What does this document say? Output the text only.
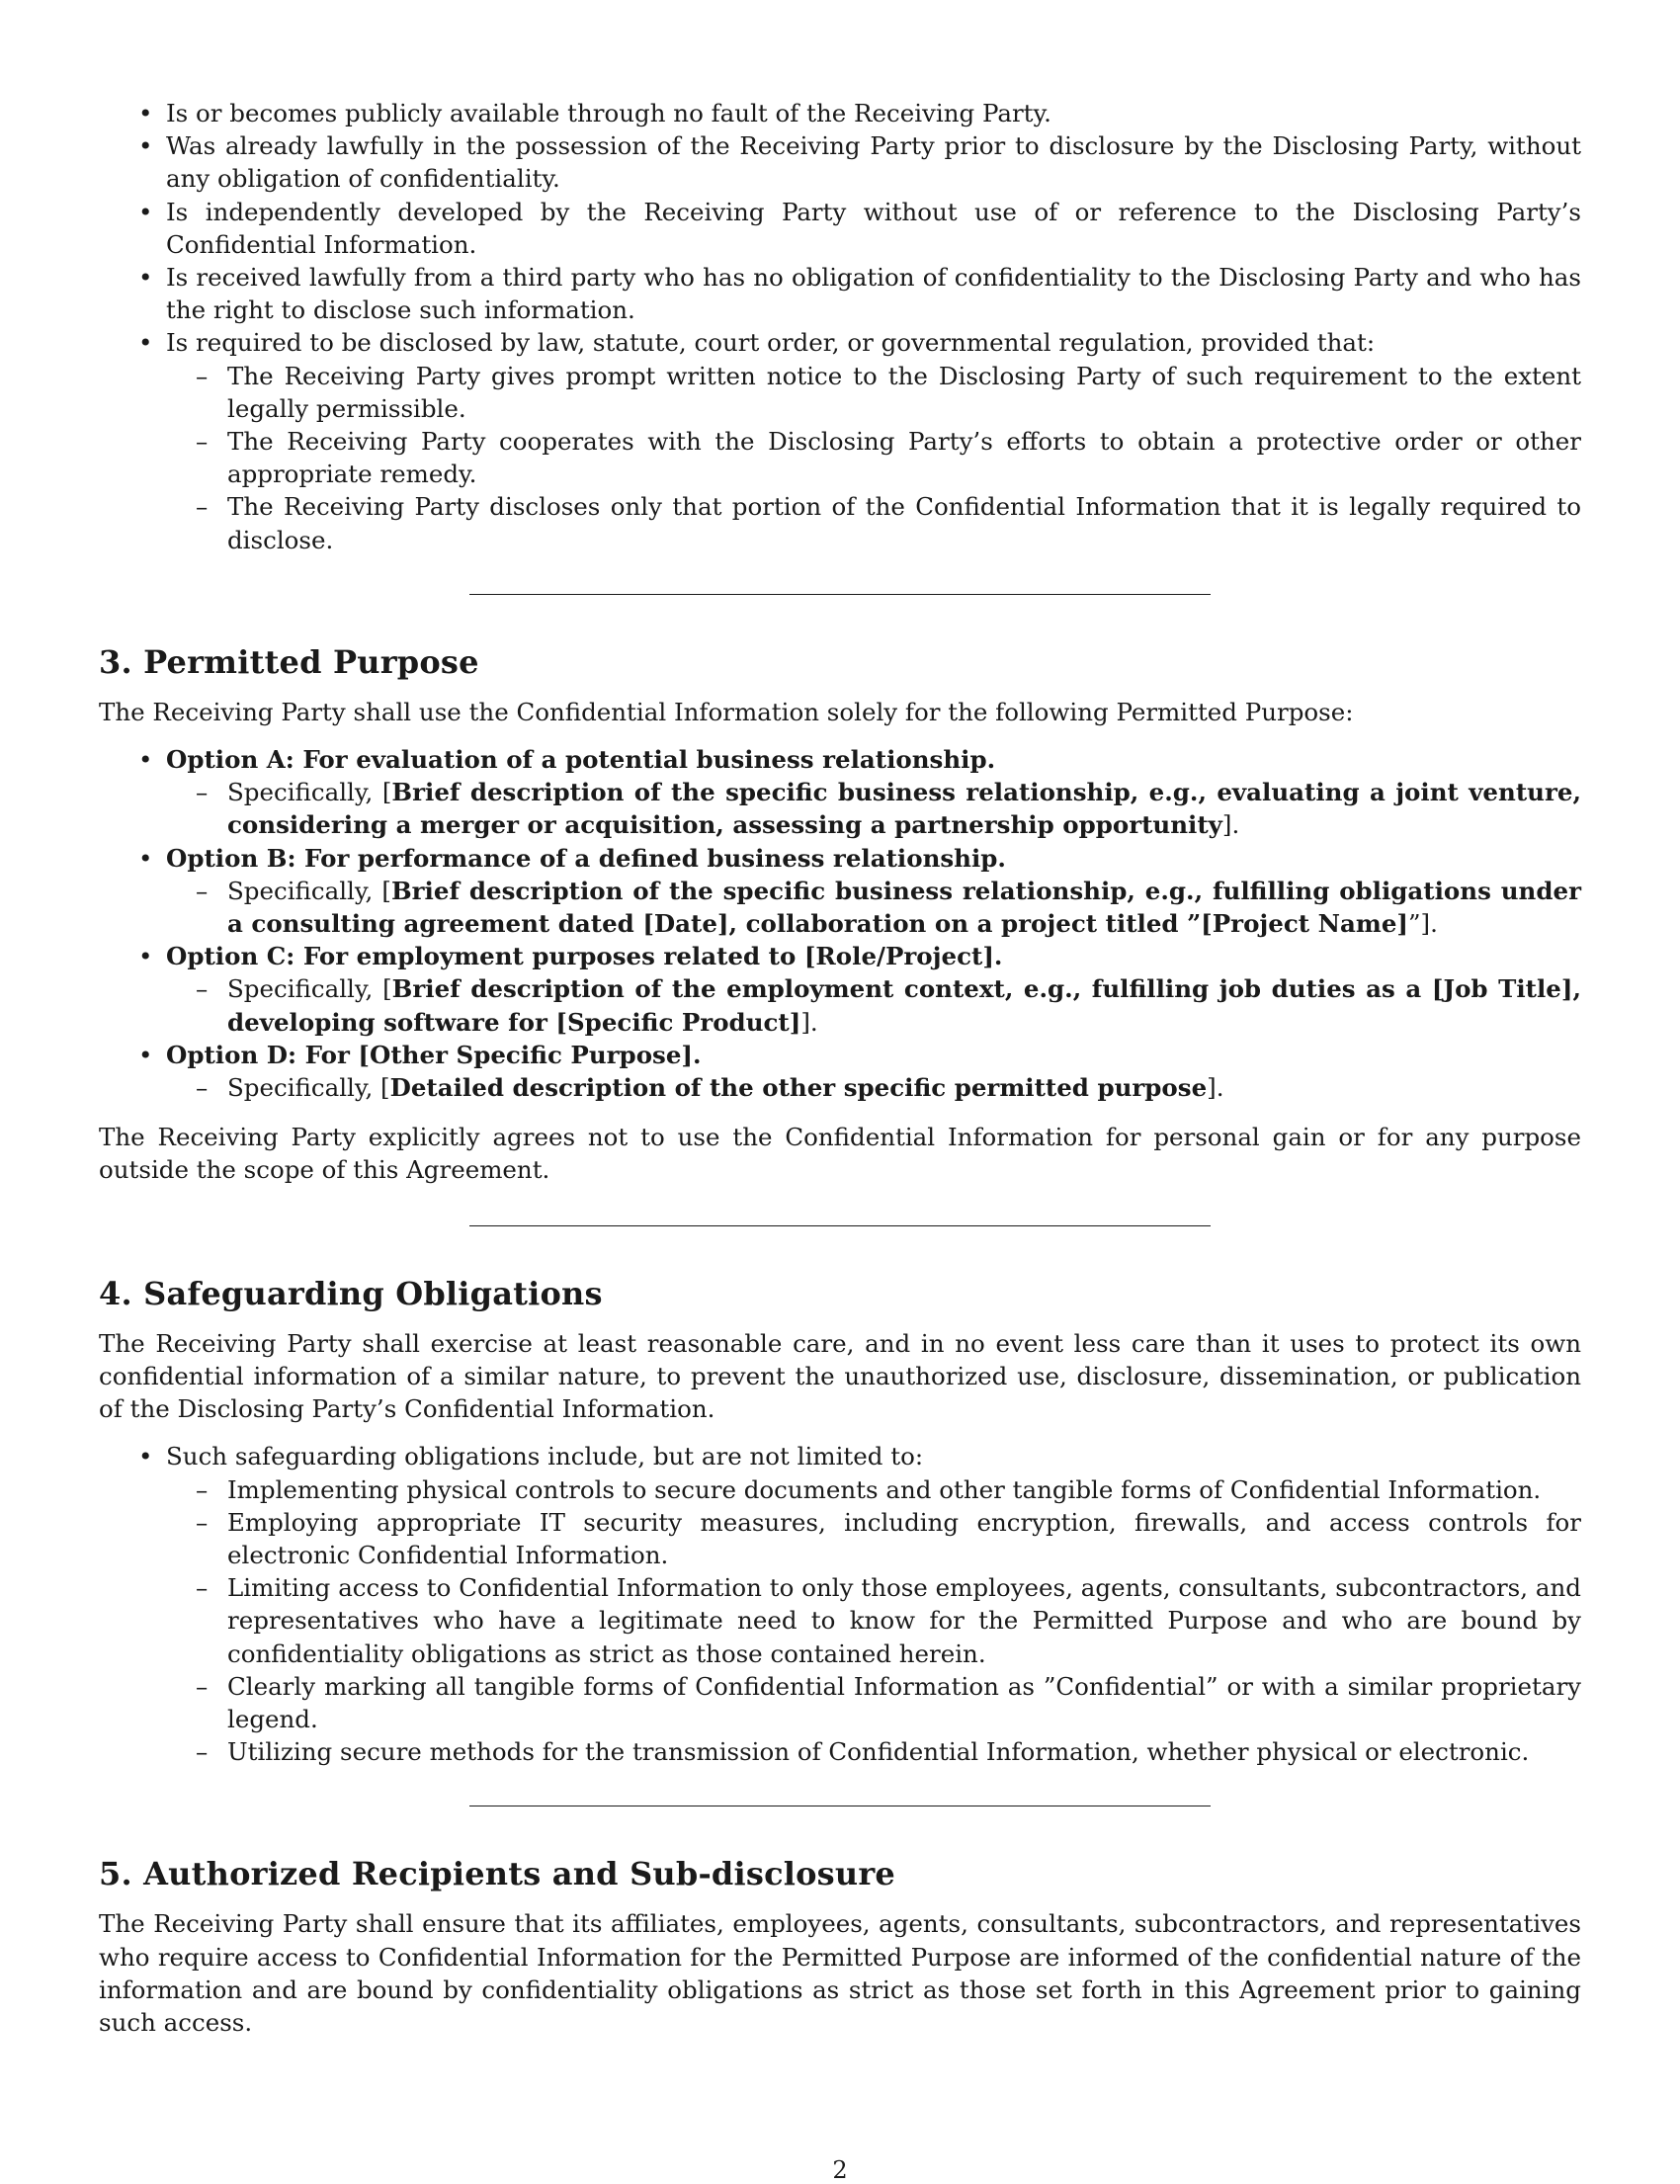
• Is or becomes publicly available through no fault of the Receiving Party.
• Was already lawfully in the possession of the Receiving Party prior to disclosure by the Disclosing Party, without any obligation of confidentiality.
• Is independently developed by the Receiving Party without use of or reference to the Disclosing Party’s Confidential Information.
• Is received lawfully from a third party who has no obligation of confidentiality to the Disclosing Party and who has the right to disclose such information.
• Is required to be disclosed by law, statute, court order, or governmental regulation, provided that:
– The Receiving Party gives prompt written notice to the Disclosing Party of such requirement to the extent legally permissible.
– The Receiving Party cooperates with the Disclosing Party’s efforts to obtain a protective order or other appropriate remedy.
– The Receiving Party discloses only that portion of the Confidential Information that it is legally required to disclose.
3. Permitted Purpose

The Receiving Party shall use the Confidential Information solely for the following Permitted Purpose:

• Option A: For evaluation of a potential business relationship.
– Specifically, [Brief description of the specific business relationship, e.g., evaluating a joint venture, considering a merger or acquisition, assessing a partnership opportunity].
• Option B: For performance of a defined business relationship.
– Specifically, [Brief description of the specific business relationship, e.g., fulfilling obligations under a consulting agreement dated [Date], collaboration on a project titled ”[Project Name]”].
• Option C: For employment purposes related to [Role/Project].
– Specifically, [Brief description of the employment context, e.g., fulfilling job duties as a [Job Title], developing software for [Specific Product]].
• Option D: For [Other Specific Purpose].
– Specifically, [Detailed description of the other specific permitted purpose].

The Receiving Party explicitly agrees not to use the Confidential Information for personal gain or for any purpose outside the scope of this Agreement.

4. Safeguarding Obligations

The Receiving Party shall exercise at least reasonable care, and in no event less care than it uses to protect its own confidential information of a similar nature, to prevent the unauthorized use, disclosure, dissemination, or publication of the Disclosing Party’s Confidential Information.

• Such safeguarding obligations include, but are not limited to:
– Implementing physical controls to secure documents and other tangible forms of Confidential Information.
– Employing appropriate IT security measures, including encryption, firewalls, and access controls for electronic Confidential Information.
– Limiting access to Confidential Information to only those employees, agents, consultants, subcontractors, and representatives who have a legitimate need to know for the Permitted Purpose and who are bound by confidentiality obligations as strict as those contained herein.
– Clearly marking all tangible forms of Confidential Information as ”Confidential” or with a similar proprietary legend.
– Utilizing secure methods for the transmission of Confidential Information, whether physical or electronic.
5. Authorized Recipients and Sub-disclosure

The Receiving Party shall ensure that its affiliates, employees, agents, consultants, subcontractors, and representatives who require access to Confidential Information for the Permitted Purpose are informed of the confidential nature of the information and are bound by confidentiality obligations as strict as those set forth in this Agreement prior to gaining such access.

2
